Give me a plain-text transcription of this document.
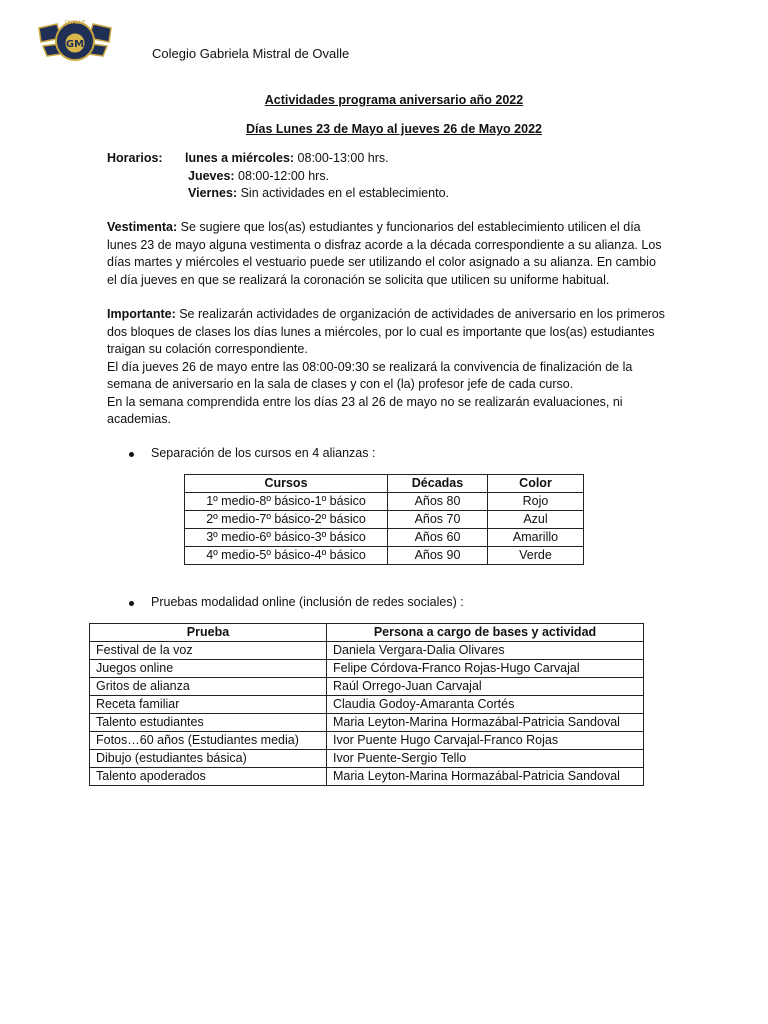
OVALLE
GM
Colegio Gabriela Mistral de Ovalle
Actividades programa aniversario año 2022
Días Lunes 23 de Mayo al jueves 26 de Mayo 2022
Horarios: lunes a miércoles: 08:00-13:00 hrs.
Jueves: 08:00-12:00 hrs.
Viernes: Sin actividades en el establecimiento.
Vestimenta: Se sugiere que los(as) estudiantes y funcionarios del establecimiento utilicen el día lunes 23 de mayo alguna vestimenta o disfraz acorde a la década correspondiente a su alianza. Los días martes y miércoles el vestuario puede ser utilizando el color asignado a su alianza. En cambio el día jueves en que se realizará la coronación se solicita que utilicen su uniforme habitual.
Importante: Se realizarán actividades de organización de actividades de aniversario en los primeros dos bloques de clases los días lunes a miércoles, por lo cual es importante que los(as) estudiantes traigan su colación correspondiente.
El día jueves 26 de mayo entre las 08:00-09:30 se realizará la convivencia de finalización de la semana de aniversario en la sala de clases y con el (la) profesor jefe de cada curso.
En la semana comprendida entre los días 23 al 26 de mayo no se realizarán evaluaciones, ni academias.
Separación de los cursos en 4 alianzas :
Cursos	Décadas	Color
1º medio-8º básico-1º básico	Años 80	Rojo
2º medio-7º básico-2º básico	Años 70	Azul
3º medio-6º básico-3º básico	Años 60	Amarillo
4º medio-5º básico-4º básico	Años 90	Verde
Pruebas modalidad online (inclusión de redes sociales) :
Prueba	Persona a cargo de bases y actividad
Festival de la voz	Daniela Vergara-Dalia Olivares
Juegos online	Felipe Córdova-Franco Rojas-Hugo Carvajal
Gritos de alianza	Raúl Orrego-Juan Carvajal
Receta familiar	Claudia Godoy-Amaranta Cortés
Talento estudiantes	Maria Leyton-Marina Hormazábal-Patricia Sandoval
Fotos…60 años (Estudiantes media)	Ivor Puente Hugo Carvajal-Franco Rojas
Dibujo (estudiantes básica)	Ivor Puente-Sergio Tello
Talento apoderados	Maria Leyton-Marina Hormazábal-Patricia Sandoval
